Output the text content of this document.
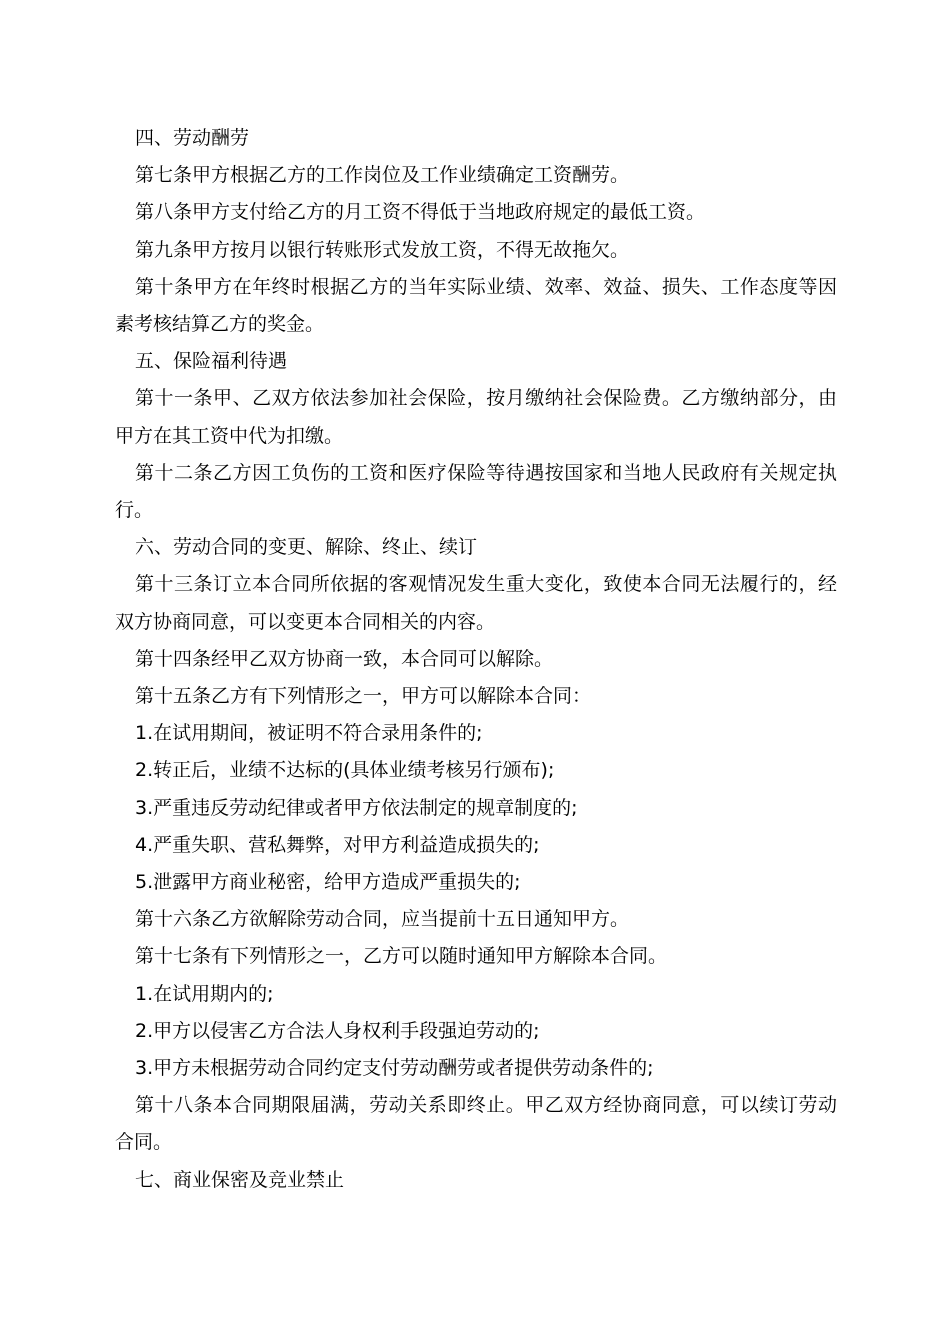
四、劳动酬劳

第七条甲方根据乙方的工作岗位及工作业绩确定工资酬劳。

第八条甲方支付给乙方的月工资不得低于当地政府规定的最低工资。

第九条甲方按月以银行转账形式发放工资，不得无故拖欠。

第十条甲方在年终时根据乙方的当年实际业绩、效率、效益、损失、工作态度等因素考核结算乙方的奖金。

五、保险福利待遇

第十一条甲、乙双方依法参加社会保险，按月缴纳社会保险费。乙方缴纳部分，由甲方在其工资中代为扣缴。

第十二条乙方因工负伤的工资和医疗保险等待遇按国家和当地人民政府有关规定执行。

六、劳动合同的变更、解除、终止、续订

第十三条订立本合同所依据的客观情况发生重大变化，致使本合同无法履行的，经双方协商同意，可以变更本合同相关的内容。

第十四条经甲乙双方协商一致，本合同可以解除。

第十五条乙方有下列情形之一，甲方可以解除本合同：

1.在试用期间，被证明不符合录用条件的;

2.转正后，业绩不达标的(具体业绩考核另行颁布);

3.严重违反劳动纪律或者甲方依法制定的规章制度的;

4.严重失职、营私舞弊，对甲方利益造成损失的;

5.泄露甲方商业秘密，给甲方造成严重损失的;

第十六条乙方欲解除劳动合同，应当提前十五日通知甲方。

第十七条有下列情形之一，乙方可以随时通知甲方解除本合同。

1.在试用期内的;

2.甲方以侵害乙方合法人身权利手段强迫劳动的;

3.甲方未根据劳动合同约定支付劳动酬劳或者提供劳动条件的;

第十八条本合同期限届满，劳动关系即终止。甲乙双方经协商同意，可以续订劳动合同。

七、商业保密及竞业禁止
